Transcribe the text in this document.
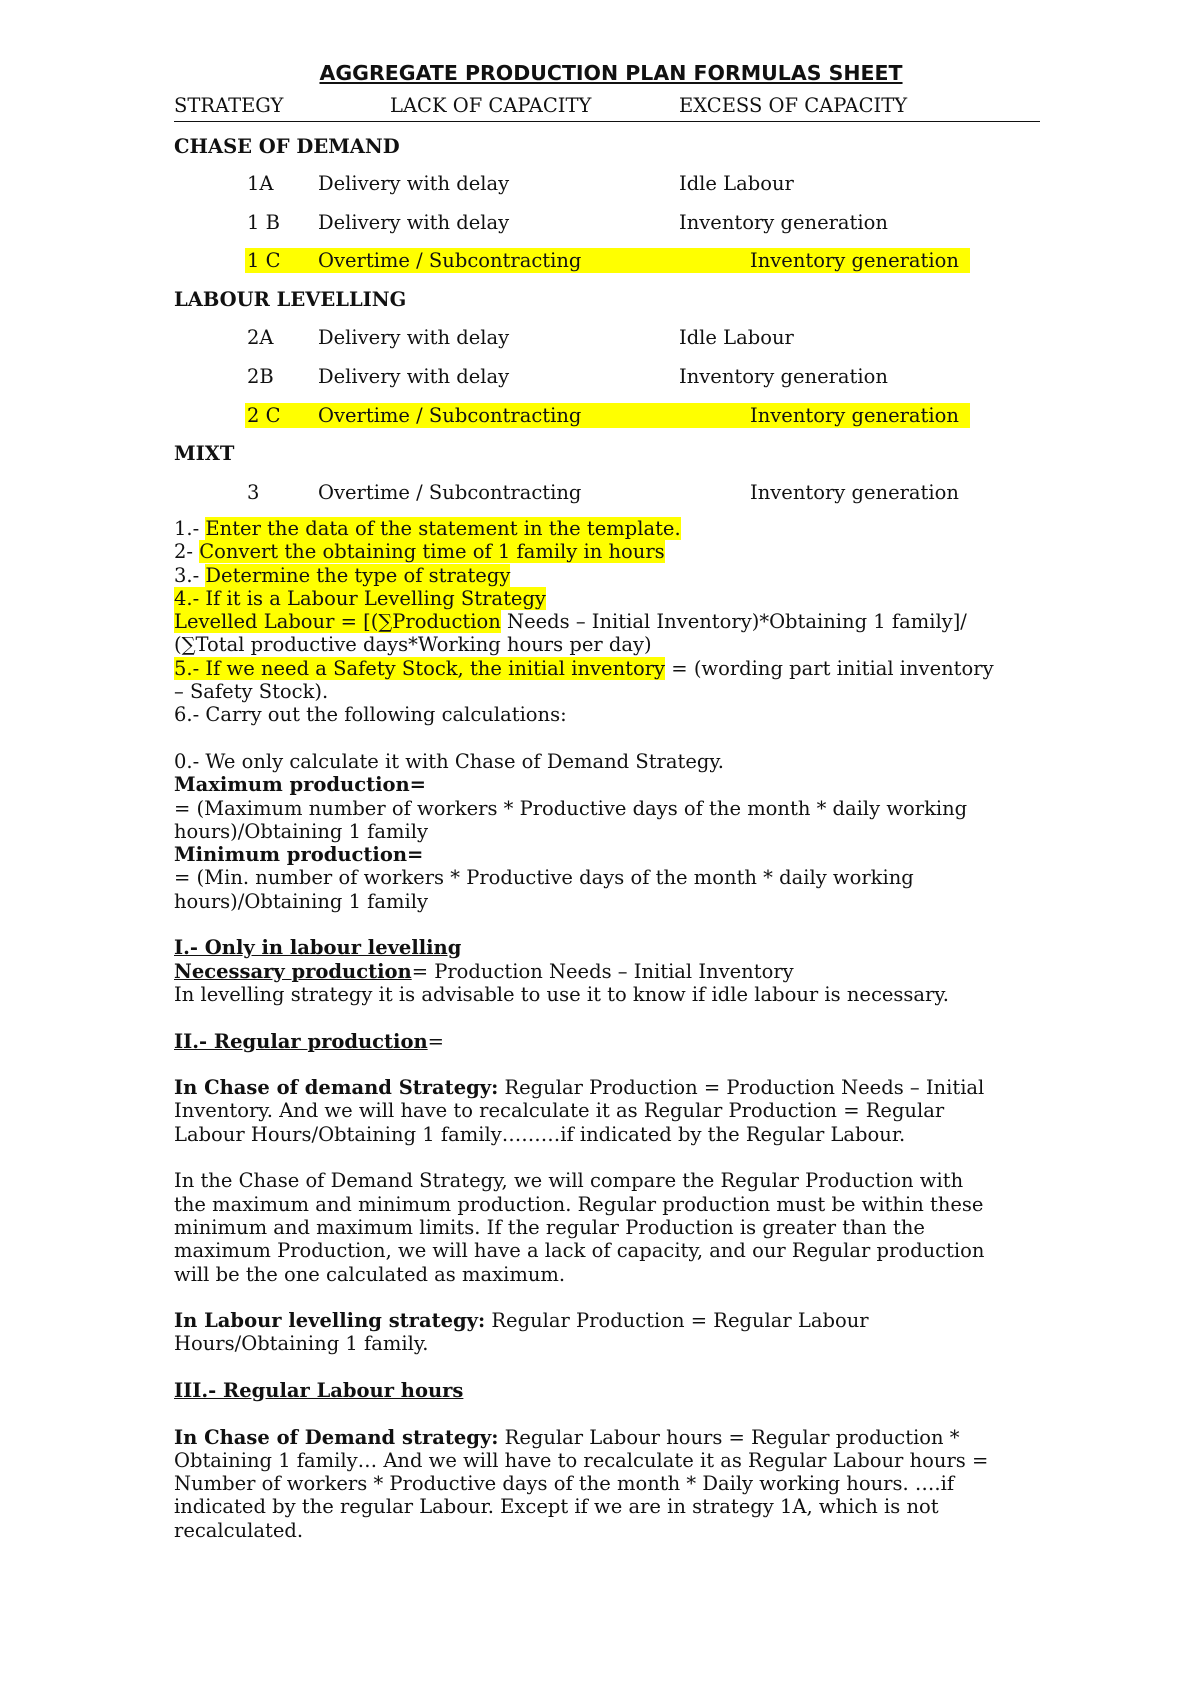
AGGREGATE PRODUCTION PLAN FORMULAS SHEET
STRATEGY	LACK OF CAPACITY	EXCESS OF CAPACITY
CHASE OF DEMAND
1A Delivery with delay	Idle Labour
1 B Delivery with delay	Inventory generation
1 C Overtime / Subcontracting	Inventory generation
LABOUR LEVELLING
2A Delivery with delay	Idle Labour
2B Delivery with delay	Inventory generation
2 C Overtime / Subcontracting	Inventory generation
MIXT
3	Overtime / Subcontracting	Inventory generation

1.- Enter the data of the statement in the template.

2- Convert the obtaining time of 1 family in hours

3.- Determine the type of strategy

4.- If it is a Labour Levelling Strategy

Levelled Labour = [(∑Production Needs – Initial Inventory)*Obtaining 1 family]/

(∑Total productive days*Working hours per day)

5.- If we need a Safety Stock, the initial inventory = (wording part initial inventory

– Safety Stock).

6.- Carry out the following calculations:

0.- We only calculate it with Chase of Demand Strategy.

Maximum production=

= (Maximum number of workers * Productive days of the month * daily working

hours)/Obtaining 1 family

Minimum production=

= (Min. number of workers * Productive days of the month * daily working

hours)/Obtaining 1 family

I.- Only in labour levelling

Necessary production= Production Needs – Initial Inventory

In levelling strategy it is advisable to use it to know if idle labour is necessary.

II.- Regular production=

In Chase of demand Strategy: Regular Production = Production Needs – Initial

Inventory. And we will have to recalculate it as Regular Production = Regular

Labour Hours/Obtaining 1 family………if indicated by the Regular Labour.

In the Chase of Demand Strategy, we will compare the Regular Production with

the maximum and minimum production. Regular production must be within these

minimum and maximum limits. If the regular Production is greater than the

maximum Production, we will have a lack of capacity, and our Regular production

will be the one calculated as maximum.

In Labour levelling strategy: Regular Production = Regular Labour

Hours/Obtaining 1 family.

III.- Regular Labour hours

In Chase of Demand strategy: Regular Labour hours = Regular production *

Obtaining 1 family… And we will have to recalculate it as Regular Labour hours =

Number of workers * Productive days of the month * Daily working hours. ….if

indicated by the regular Labour. Except if we are in strategy 1A, which is not

recalculated.
